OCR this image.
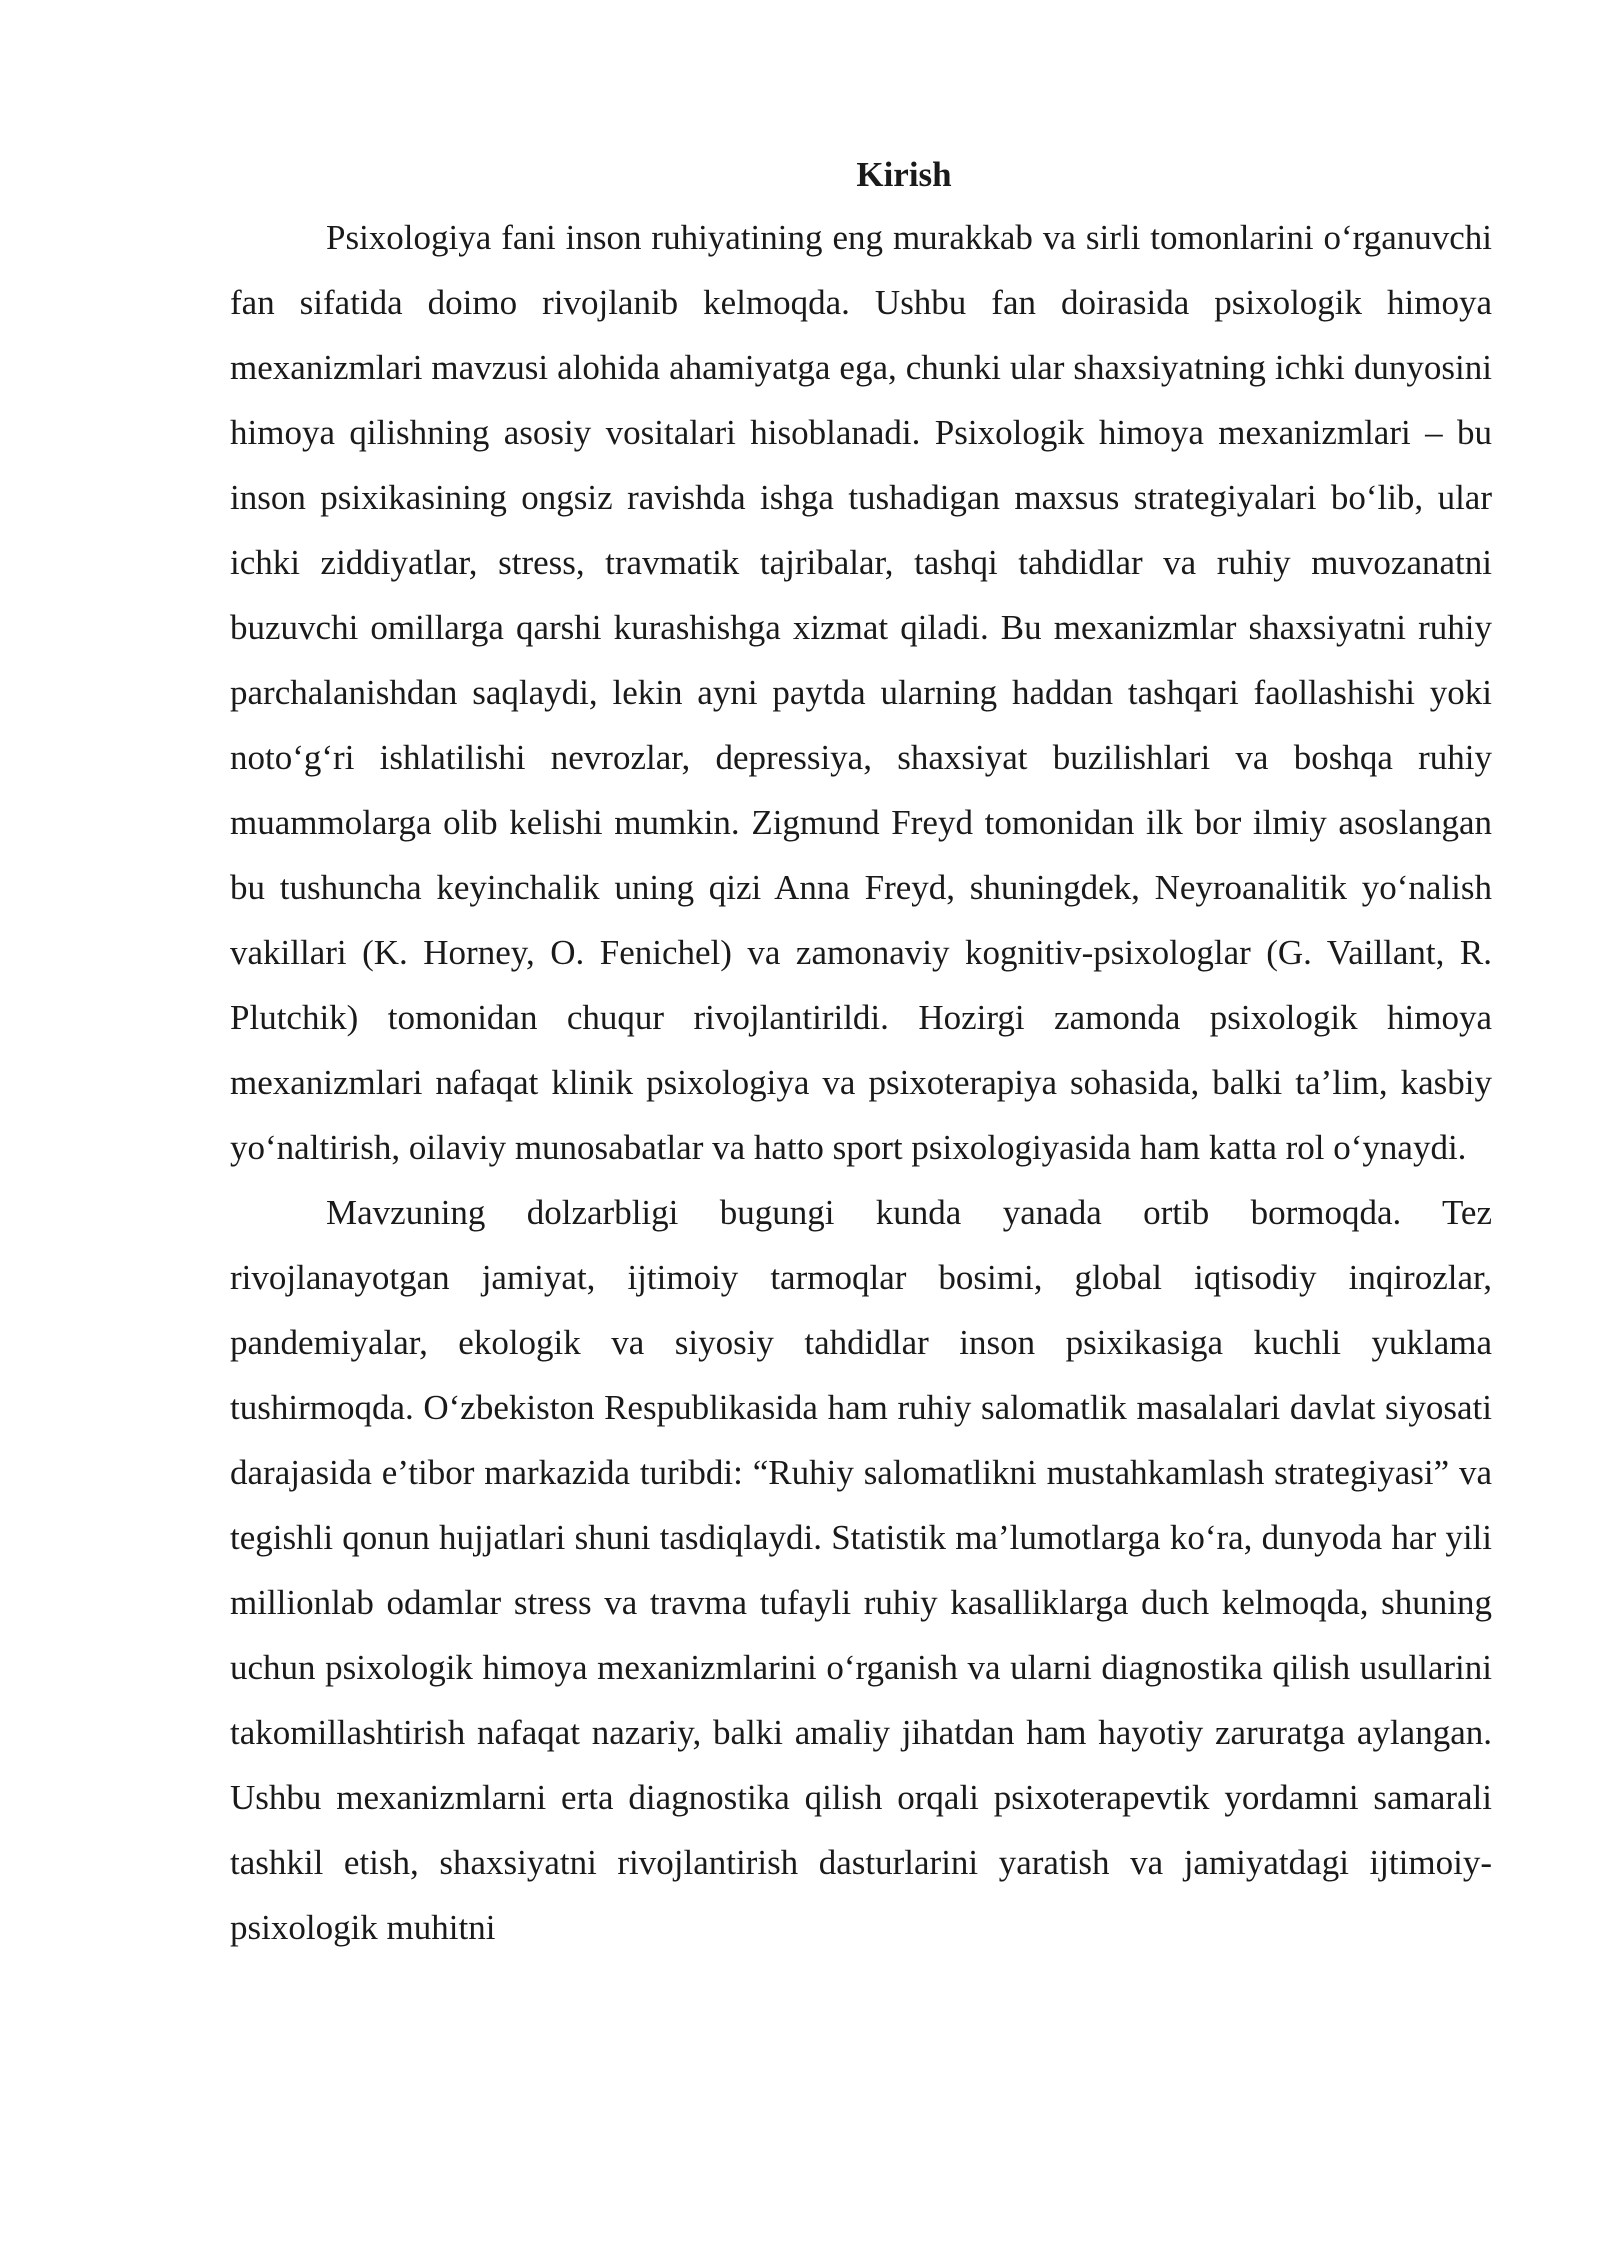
Kirish

Psixologiya fani inson ruhiyatining eng murakkab va sirli tomonlarini o‘rganuvchi fan sifatida doimo rivojlanib kelmoqda. Ushbu fan doirasida psixologik himoya mexanizmlari mavzusi alohida ahamiyatga ega, chunki ular shaxsiyatning ichki dunyosini himoya qilishning asosiy vositalari hisoblanadi. Psixologik himoya mexanizmlari – bu inson psixikasining ongsiz ravishda ishga tushadigan maxsus strategiyalari bo‘lib, ular ichki ziddiyatlar, stress, travmatik tajribalar, tashqi tahdidlar va ruhiy muvozanatni buzuvchi omillarga qarshi kurashishga xizmat qiladi. Bu mexanizmlar shaxsiyatni ruhiy parchalanishdan saqlaydi, lekin ayni paytda ularning haddan tashqari faollashishi yoki noto‘g‘ri ishlatilishi nevrozlar, depressiya, shaxsiyat buzilishlari va boshqa ruhiy muammolarga olib kelishi mumkin. Zigmund Freyd tomonidan ilk bor ilmiy asoslangan bu tushuncha keyinchalik uning qizi Anna Freyd, shuningdek, Neyroanalitik yo‘nalish vakillari (K. Horney, O. Fenichel) va zamonaviy kognitiv-psixologlar (G. Vaillant, R. Plutchik) tomonidan chuqur rivojlantirildi. Hozirgi zamonda psixologik himoya mexanizmlari nafaqat klinik psixologiya va psixoterapiya sohasida, balki ta’lim, kasbiy yo‘naltirish, oilaviy munosabatlar va hatto sport psixologiyasida ham katta rol o‘ynaydi.

Mavzuning dolzarbligi bugungi kunda yanada ortib bormoqda. Tez rivojlanayotgan jamiyat, ijtimoiy tarmoqlar bosimi, global iqtisodiy inqirozlar, pandemiyalar, ekologik va siyosiy tahdidlar inson psixikasiga kuchli yuklama tushirmoqda. O‘zbekiston Respublikasida ham ruhiy salomatlik masalalari davlat siyosati darajasida e’tibor markazida turibdi: “Ruhiy salomatlikni mustahkamlash strategiyasi” va tegishli qonun hujjatlari shuni tasdiqlaydi. Statistik ma’lumotlarga ko‘ra, dunyoda har yili millionlab odamlar stress va travma tufayli ruhiy kasalliklarga duch kelmoqda, shuning uchun psixologik himoya mexanizmlarini o‘rganish va ularni diagnostika qilish usullarini takomillashtirish nafaqat nazariy, balki amaliy jihatdan ham hayotiy zaruratga aylangan. Ushbu mexanizmlarni erta diagnostika qilish orqali psixoterapevtik yordamni samarali tashkil etish, shaxsiyatni rivojlantirish dasturlarini yaratish va jamiyatdagi ijtimoiy-psixologik muhitni
